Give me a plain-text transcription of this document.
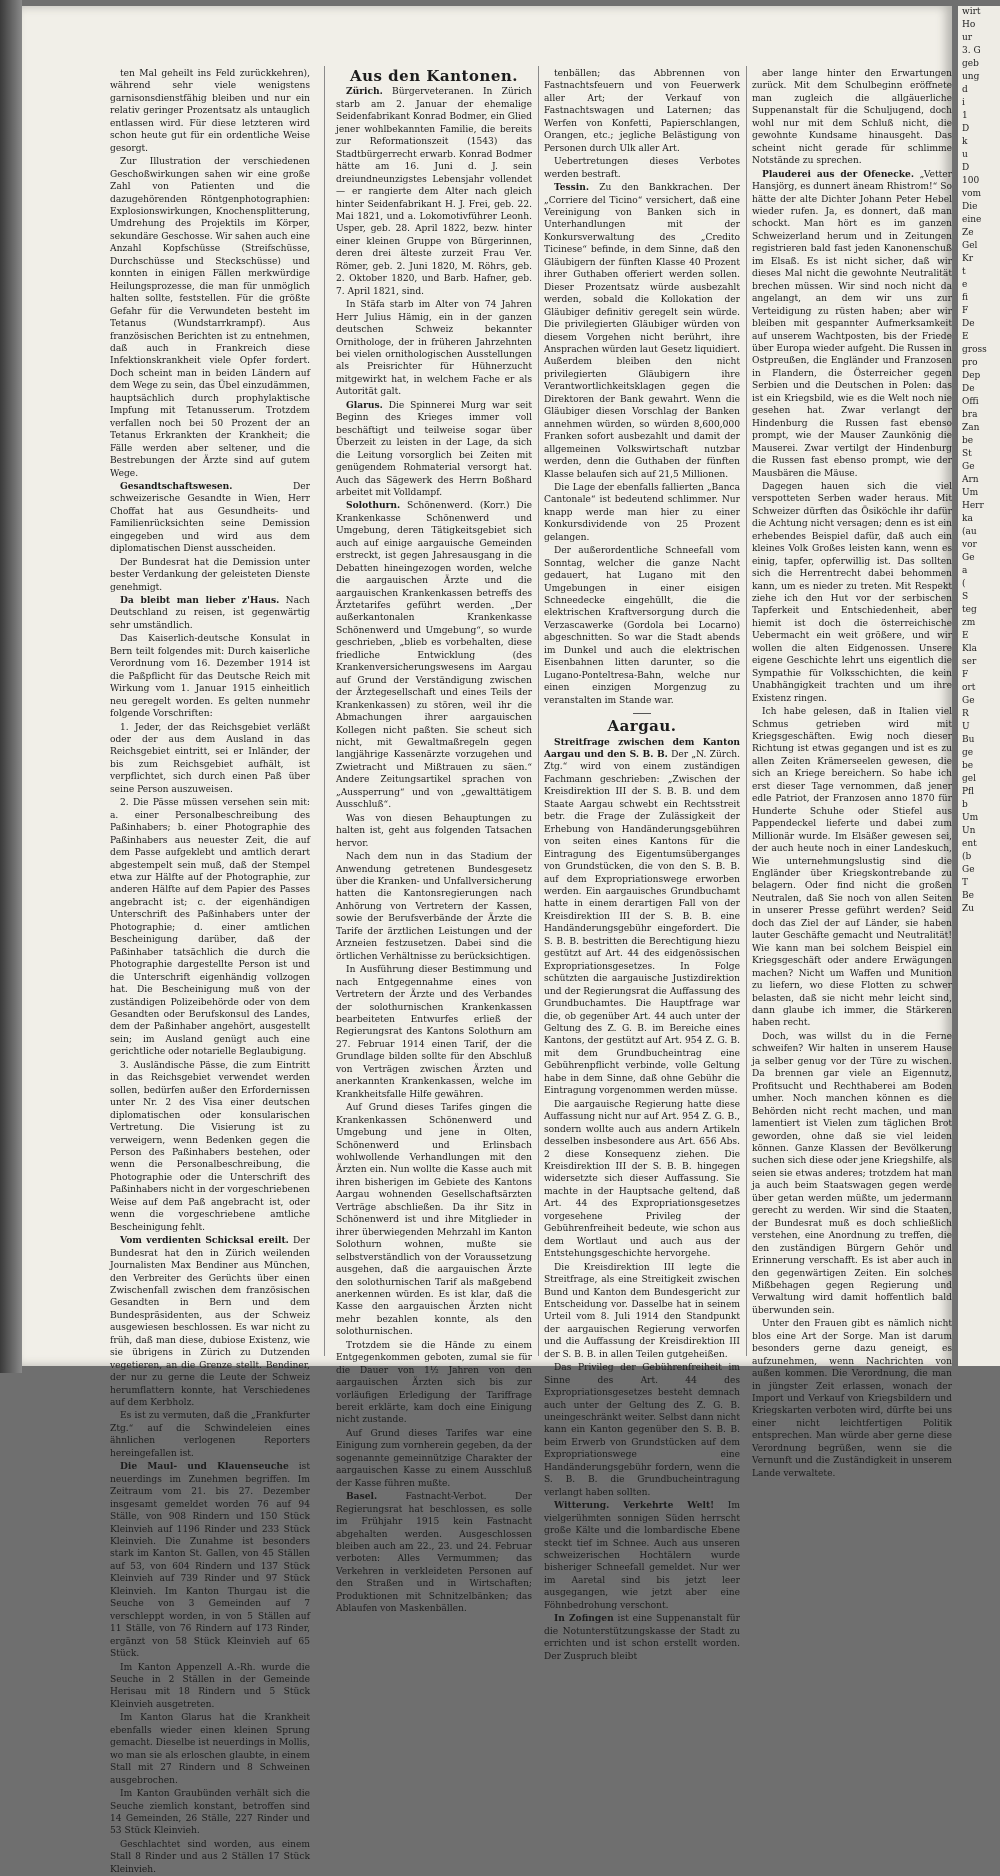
ten Mal geheilt ins Feld zurückkehren), während sehr viele wenigstens garnisonsdienstfähig bleiben und nur ein relativ geringer Prozentsatz als untauglich entlassen wird. Für diese letzteren wird schon heute gut für ein ordentliche Weise gesorgt.

Zur Illustration der verschiedenen Geschoßwirkungen sahen wir eine große Zahl von Patienten und die dazugehörenden Röntgenphotographien: Explosionswirkungen, Knochensplitterung, Umdrehung des Projektils im Körper, sekundäre Geschosse. Wir sahen auch eine Anzahl Kopfschüsse (Streifschüsse, Durchschüsse und Steckschüsse) und konnten in einigen Fällen merkwürdige Heilungsprozesse, die man für unmöglich halten sollte, feststellen. Für die größte Gefahr für die Verwundeten besteht im Tetanus (Wundstarrkrampf). Aus französischen Berichten ist zu entnehmen, daß auch in Frankreich diese Infektionskrankheit viele Opfer fordert. Doch scheint man in beiden Ländern auf dem Wege zu sein, das Übel einzudämmen, hauptsächlich durch prophylaktische Impfung mit Tetanusserum. Trotzdem verfallen noch bei 50 Prozent der an Tetanus Erkrankten der Krankheit; die Fälle werden aber seltener, und die Bestrebungen der Ärzte sind auf gutem Wege.

Gesandtschaftswesen. Der schweizerische Gesandte in Wien, Herr Choffat hat aus Gesundheits- und Familienrücksichten seine Demission eingegeben und wird aus dem diplomatischen Dienst ausscheiden.

Der Bundesrat hat die Demission unter bester Verdankung der geleisteten Dienste genehmigt.

Da bleibt man lieber z'Haus. Nach Deutschland zu reisen, ist gegenwärtig sehr umständlich.

Das Kaiserlich-deutsche Konsulat in Bern teilt folgendes mit: Durch kaiserliche Verordnung vom 16. Dezember 1914 ist die Paßpflicht für das Deutsche Reich mit Wirkung vom 1. Januar 1915 einheitlich neu geregelt worden. Es gelten nunmehr folgende Vorschriften:

1. Jeder, der das Reichsgebiet verläßt oder der aus dem Ausland in das Reichsgebiet eintritt, sei er Inländer, der bis zum Reichsgebiet aufhält, ist verpflichtet, sich durch einen Paß über seine Person auszuweisen.

2. Die Pässe müssen versehen sein mit: a. einer Personalbeschreibung des Paßinhabers; b. einer Photographie des Paßinhabers aus neuester Zeit, die auf dem Passe aufgeklebt und amtlich derart abgestempelt sein muß, daß der Stempel etwa zur Hälfte auf der Photographie, zur anderen Hälfte auf dem Papier des Passes angebracht ist; c. der eigenhändigen Unterschrift des Paßinhabers unter der Photographie; d. einer amtlichen Bescheinigung darüber, daß der Paßinhaber tatsächlich die durch die Photographie dargestellte Person ist und die Unterschrift eigenhändig vollzogen hat. Die Bescheinigung muß von der zuständigen Polizeibehörde oder von dem Gesandten oder Berufskonsul des Landes, dem der Paßinhaber angehört, ausgestellt sein; im Ausland genügt auch eine gerichtliche oder notarielle Beglaubigung.

3. Ausländische Pässe, die zum Eintritt in das Reichsgebiet verwendet werden sollen, bedürfen außer den Erfordernissen unter Nr. 2 des Visa einer deutschen diplomatischen oder konsularischen Vertretung. Die Visierung ist zu verweigern, wenn Bedenken gegen die Person des Paßinhabers bestehen, oder wenn die Personalbeschreibung, die Photographie oder die Unterschrift des Paßinhabers nicht in der vorgeschriebenen Weise auf dem Paß angebracht ist, oder wenn die vorgeschriebene amtliche Bescheinigung fehlt.

Vom verdienten Schicksal ereilt. Der Bundesrat hat den in Zürich weilenden Journalisten Max Bendiner aus München, den Verbreiter des Gerüchts über einen Zwischenfall zwischen dem französischen Gesandten in Bern und dem Bundespräsidenten, aus der Schweiz ausgewiesen beschlossen. Es war nicht zu früh, daß man diese, dubiose Existenz, wie sie übrigens in Zürich zu Dutzenden vegetieren, an die Grenze stellt. Bendiner, der nur zu gerne die Leute der Schweiz herumflattern konnte, hat Verschiedenes auf dem Kerbholz.

Es ist zu vermuten, daß die „Frankfurter Ztg.“ auf die Schwindeleien eines ähnlichen verlogenen Reporters hereingefallen ist.

Die Maul- und Klauenseuche ist neuerdings im Zunehmen begriffen. Im Zeitraum vom 21. bis 27. Dezember insgesamt gemeldet worden 76 auf 94 Ställe, von 908 Rindern und 150 Stück Kleinvieh auf 1196 Rinder und 233 Stück Kleinvieh. Die Zunahme ist besonders stark im Kanton St. Gallen, von 45 Ställen auf 53, von 604 Rindern und 137 Stück Kleinvieh auf 739 Rinder und 97 Stück Kleinvieh. Im Kanton Thurgau ist die Seuche von 3 Gemeinden auf 7 verschleppt worden, in von 5 Ställen auf 11 Ställe, von 76 Rindern auf 173 Rinder, ergänzt von 58 Stück Kleinvieh auf 65 Stück.

Im Kanton Appenzell A.-Rh. wurde die Seuche in 2 Ställen in der Gemeinde Herisau mit 18 Rindern und 5 Stück Kleinvieh ausgetreten.

Im Kanton Glarus hat die Krankheit ebenfalls wieder einen kleinen Sprung gemacht. Dieselbe ist neuerdings in Mollis, wo man sie als erloschen glaubte, in einem Stall mit 27 Rindern und 8 Schweinen ausgebrochen.

Im Kanton Graubünden verhält sich die Seuche ziemlich konstant, betroffen sind 14 Gemeinden, 26 Ställe, 227 Rinder und 53 Stück Kleinvieh.

Geschlachtet sind worden, aus einem Stall 8 Rinder und aus 2 Ställen 17 Stück Kleinvieh.

Aus den Kantonen.

Zürich. Bürgerveteranen. In Zürich starb am 2. Januar der ehemalige Seidenfabrikant Konrad Bodmer, ein Glied jener wohlbekannten Familie, die bereits zur Reformationszeit (1543) das Stadtbürgerrecht erwarb. Konrad Bodmer hätte am 16. Juni d. J. sein dreiundneunzigstes Lebensjahr vollendet — er rangierte dem Alter nach gleich hinter Seidenfabrikant H. J. Frei, geb. 22. Mai 1821, und a. Lokomotivführer Leonh. Usper, geb. 28. April 1822, bezw. hinter einer kleinen Gruppe von Bürgerinnen, deren drei älteste zurzeit Frau Ver. Römer, geb. 2. Juni 1820, M. Röhrs, geb. 2. Oktober 1820, und Barb. Hafner, geb. 7. April 1821, sind.

In Stäfa starb im Alter von 74 Jahren Herr Julius Hämig, ein in der ganzen deutschen Schweiz bekannter Ornithologe, der in früheren Jahrzehnten bei vielen ornithologischen Ausstellungen als Preisrichter für Hühnerzucht mitgewirkt hat, in welchem Fache er als Autorität galt.

Glarus. Die Spinnerei Murg war seit Beginn des Krieges immer voll beschäftigt und teilweise sogar über Überzeit zu leisten in der Lage, da sich die Leitung vorsorglich bei Zeiten mit genügendem Rohmaterial versorgt hat. Auch das Sägewerk des Herrn Boßhard arbeitet mit Volldampf.

Solothurn. Schönenwerd. (Korr.) Die Krankenkasse Schönenwerd und Umgebung, deren Tätigkeitsgebiet sich auch auf einige aargauische Gemeinden erstreckt, ist gegen Jahresausgang in die Debatten hineingezogen worden, welche die aargauischen Ärzte und die aargauischen Krankenkassen betreffs des Ärztetarifes geführt werden. „Der außerkantonalen Krankenkasse Schönenwerd und Umgebung“, so wurde geschrieben, „blieb es vorbehalten, diese friedliche Entwicklung (des Krankenversicherungswesens im Aargau auf Grund der Verständigung zwischen der Ärztegesellschaft und eines Teils der Krankenkassen) zu stören, weil ihr die Abmachungen ihrer aargauischen Kollegen nicht paßten. Sie scheut sich nicht, mit Gewaltmaßregeln gegen langjährige Kassenärzte vorzugehen und Zwietracht und Mißtrauen zu säen.“ Andere Zeitungsartikel sprachen von „Aussperrung“ und von „gewalttätigem Ausschluß“.

Was von diesen Behauptungen zu halten ist, geht aus folgenden Tatsachen hervor.

Nach dem nun in das Stadium der Anwendung getretenen Bundesgesetz über die Kranken- und Unfallversicherung hatten die Kantonsregierungen nach Anhörung von Vertretern der Kassen, sowie der Berufsverbände der Ärzte die Tarife der ärztlichen Leistungen und der Arzneien festzusetzen. Dabei sind die örtlichen Verhältnisse zu berücksichtigen.

In Ausführung dieser Bestimmung und nach Entgegennahme eines von Vertretern der Ärzte und des Verbandes der solothurnischen Krankenkassen bearbeiteten Entwurfes erließ der Regierungsrat des Kantons Solothurn am 27. Februar 1914 einen Tarif, der die Grundlage bilden sollte für den Abschluß von Verträgen zwischen Ärzten und anerkannten Krankenkassen, welche im Krankheitsfalle Hilfe gewähren.

Auf Grund dieses Tarifes gingen die Krankenkassen Schönenwerd und Umgebung und jene in Olten, Schönenwerd und Erlinsbach wohlwollende Verhandlungen mit den Ärzten ein. Nun wollte die Kasse auch mit ihren bisherigen im Gebiete des Kantons Aargau wohnenden Gesellschaftsärzten Verträge abschließen. Da ihr Sitz in Schönenwerd ist und ihre Mitglieder in ihrer überwiegenden Mehrzahl im Kanton Solothurn wohnen, mußte sie selbstverständlich von der Voraussetzung ausgehen, daß die aargauischen Ärzte den solothurnischen Tarif als maßgebend anerkennen würden. Es ist klar, daß die Kasse den aargauischen Ärzten nicht mehr bezahlen konnte, als den solothurnischen.

Trotzdem sie die Hände zu einem Entgegenkommen geboten, zumal sie für die Dauer von 1½ Jahren von den aargauischen Ärzten sich bis zur vorläufigen Erledigung der Tariffrage bereit erklärte, kam doch eine Einigung nicht zustande.

Auf Grund dieses Tarifes war eine Einigung zum vornherein gegeben, da der sogenannte gemeinnützige Charakter der aargauischen Kasse zu einem Ausschluß der Kasse führen mußte.

Basel. Fastnacht-Verbot. Der Regierungsrat hat beschlossen, es solle im Frühjahr 1915 kein Fastnacht abgehalten werden. Ausgeschlossen bleiben auch am 22., 23. und 24. Februar verboten: Alles Vermummen; das Verkehren in verkleideten Personen auf den Straßen und in Wirtschaften; Produktionen mit Schnitzelbänken; das Ablaufen von Maskenbällen.

tenbällen; das Abbrennen von Fastnachtsfeuern und von Feuerwerk aller Art; der Verkauf von Fastnachtswagen und Laternen; das Werfen von Konfetti, Papierschlangen, Orangen, etc.; jegliche Belästigung von Personen durch Ulk aller Art.

Uebertretungen dieses Verbotes werden bestraft.

Tessin. Zu den Bankkrachen. Der „Corriere del Ticino“ versichert, daß eine Vereinigung von Banken sich in Unterhandlungen mit der Konkursverwaltung des „Credito Ticinese“ befinde, in dem Sinne, daß den Gläubigern der fünften Klasse 40 Prozent ihrer Guthaben offeriert werden sollen. Dieser Prozentsatz würde ausbezahlt werden, sobald die Kollokation der Gläubiger definitiv geregelt sein würde. Die privilegierten Gläubiger würden von diesem Vorgehen nicht berührt, ihre Ansprachen würden laut Gesetz liquidiert. Außerdem bleiben den nicht privilegierten Gläubigern ihre Verantwortlichkeitsklagen gegen die Direktoren der Bank gewahrt. Wenn die Gläubiger diesen Vorschlag der Banken annehmen würden, so würden 8,600,000 Franken sofort ausbezahlt und damit der allgemeinen Volkswirtschaft nutzbar werden, denn die Guthaben der fünften Klasse belaufen sich auf 21,5 Millionen.

Die Lage der ebenfalls fallierten „Banca Cantonale“ ist bedeutend schlimmer. Nur knapp werde man hier zu einer Konkursdividende von 25 Prozent gelangen.

Der außerordentliche Schneefall vom Sonntag, welcher die ganze Nacht gedauert, hat Lugano mit den Umgebungen in einer eisigen Schneedecke eingehüllt, die die elektrischen Kraftversorgung durch die Verzascawerke (Gordola bei Locarno) abgeschnitten. So war die Stadt abends im Dunkel und auch die elektrischen Eisenbahnen litten darunter, so die Lugano-Ponteltresa-Bahn, welche nur einen einzigen Morgenzug zu veranstalten im Stande war.

Aargau.

Streitfrage zwischen dem Kanton Aargau und den S. B. B. Der „N. Zürch. Ztg.“ wird von einem zuständigen Fachmann geschrieben: „Zwischen der Kreisdirektion III der S. B. B. und dem Staate Aargau schwebt ein Rechtsstreit betr. die Frage der Zulässigkeit der Erhebung von Handänderungsgebühren von seiten eines Kantons für die Eintragung des Eigentumsüberganges von Grundstücken, die von den S. B. B. auf dem Expropriationswege erworben werden. Ein aargauisches Grundbuchamt hatte in einem derartigen Fall von der Kreisdirektion III der S. B. B. eine Handänderungsgebühr eingefordert. Die S. B. B. bestritten die Berechtigung hiezu gestützt auf Art. 44 des eidgenössischen Expropriationsgesetzes. In Folge schützten die aargauische Justizdirektion und der Regierungsrat die Auffassung des Grundbuchamtes. Die Hauptfrage war die, ob gegenüber Art. 44 auch unter der Geltung des Z. G. B. im Bereiche eines Kantons, der gestützt auf Art. 954 Z. G. B. mit dem Grundbucheintrag eine Gebührenpflicht verbinde, volle Geltung habe in dem Sinne, daß ohne Gebühr die Eintragung vorgenommen werden müsse.

Die aargauische Regierung hatte diese Auffassung nicht nur auf Art. 954 Z. G. B., sondern wollte auch aus andern Artikeln desselben insbesondere aus Art. 656 Abs. 2 diese Konsequenz ziehen. Die Kreisdirektion III der S. B. B. hingegen widersetzte sich dieser Auffassung. Sie machte in der Hauptsache geltend, daß Art. 44 des Expropriationsgesetzes vorgesehene Privileg der Gebührenfreiheit bedeute, wie schon aus dem Wortlaut und auch aus der Entstehungsgeschichte hervorgehe.

Die Kreisdirektion III legte die Streitfrage, als eine Streitigkeit zwischen Bund und Kanton dem Bundesgericht zur Entscheidung vor. Dasselbe hat in seinem Urteil vom 8. Juli 1914 den Standpunkt der aargauischen Regierung verworfen und die Auffassung der Kreisdirektion III der S. B. B. in allen Teilen gutgeheißen.

Das Privileg der Gebührenfreiheit im Sinne des Art. 44 des Expropriationsgesetzes besteht demnach auch unter der Geltung des Z. G. B. uneingeschränkt weiter. Selbst dann nicht kann ein Kanton gegenüber den S. B. B. beim Erwerb von Grundstücken auf dem Expropriationswege eine Handänderungsgebühr fordern, wenn die S. B. B. die Grundbucheintragung verlangt haben sollten.

Witterung. Verkehrte Welt! Im vielgerühmten sonnigen Süden herrscht große Kälte und die lombardische Ebene steckt tief im Schnee. Auch aus unseren schweizerischen Hochtälern wurde bisheriger Schneefall gemeldet. Nur wer im Aaretal sind bis jetzt leer ausgegangen, wie jetzt aber eine Föhnbedrohung verschont.

In Zofingen ist eine Suppenanstalt für die Notunterstützungskasse der Stadt zu errichten und ist schon erstellt worden. Der Zuspruch bleibt

aber lange hinter den Erwartungen zurück. Mit dem Schulbeginn eröffnete man zugleich die allgäuerliche Suppenanstalt für die Schuljugend, doch wohl nur mit dem Schluß nicht, die gewohnte Kundsame hinausgeht. Das scheint nicht gerade für schlimme Notstände zu sprechen.

Plauderei aus der Ofenecke. „Vetter Hansjörg, es dunnert äneam Rhistrom!“ So hätte der alte Dichter Johann Peter Hebel wieder rufen. Ja, es donnert, daß man schockt. Man hört es im ganzen Schweizerland herum und in Zeitungen registrieren bald fast jeden Kanonenschuß im Elsaß. Es ist nicht sicher, daß wir dieses Mal nicht die gewohnte Neutralität brechen müssen. Wir sind noch nicht da angelangt, an dem wir uns zur Verteidigung zu rüsten haben; aber wir bleiben mit gespannter Aufmerksamkeit auf unserem Wachtposten, bis der Friede über Europa wieder aufgeht. Die Russen in Ostpreußen, die Engländer und Franzosen in Flandern, die Österreicher gegen Serbien und die Deutschen in Polen: das ist ein Kriegsbild, wie es die Welt noch nie gesehen hat. Zwar verlangt der Hindenburg die Russen fast ebenso prompt, wie der Mauser Zaunkönig die Mauserei. Zwar vertilgt der Hindenburg die Russen fast ebenso prompt, wie der Mausbären die Mäuse.

Dagegen hauen sich die viel verspotteten Serben wader heraus. Mit Schweizer dürften das Ösiköchle ihr dafür die Achtung nicht versagen; denn es ist ein erhebendes Beispiel dafür, daß auch ein kleines Volk Großes leisten kann, wenn es einig, tapfer, opferwillig ist. Das sollten sich die Herrentrecht dabei behommen kann, um es nieder zu treten. Mit Respekt ziehe ich den Hut vor der serbischen Tapferkeit und Entschiedenheit, aber hiemit ist doch die österreichische Uebermacht ein weit größere, und wir wollen die alten Eidgenossen. Unsere eigene Geschichte lehrt uns eigentlich die Sympathie für Volksschichten, die kein Unabhängigkeit trachten und um ihre Existenz ringen.

Ich habe gelesen, daß in Italien viel Schmus getrieben wird mit Kriegsgeschäften. Ewig noch dieser Richtung ist etwas gegangen und ist es zu allen Zeiten Krämerseelen gewesen, die sich an Kriege bereichern. So habe ich erst dieser Tage vernommen, daß jener edle Patriot, der Franzosen anno 1870 für Hunderte Schuhe oder Stiefel aus Pappendeckel lieferte und dabei zum Millionär wurde. Im Elsäßer gewesen sei, der auch heute noch in einer Landeskuch, Wie unternehmungslustig sind die Engländer über Kriegskontrebande zu belagern. Oder find nicht die großen Neutralen, daß Sie noch von allen Seiten in unserer Presse geführt werden? Seid doch das Ziel der auf Länder, sie haben lauter Geschäfte gemacht und Neutralität! Wie kann man bei solchem Beispiel ein Kriegsgeschäft oder andere Erwägungen machen? Nicht um Waffen und Munition zu liefern, wo diese Flotten zu schwer belasten, daß sie nicht mehr leicht sind, dann glaube ich immer, die Stärkeren haben recht.

Doch, was willst du in die Ferne schweifen? Wir halten in unserem Hause ja selber genug vor der Türe zu wischen. Da brennen gar viele an Eigennutz, Profitsucht und Rechthaberei am Boden umher. Noch manchen können es die Behörden nicht recht machen, und man lamentiert ist Vielen zum täglichen Brot geworden, ohne daß sie viel leiden können. Ganze Klassen der Bevölkerung suchen sich diese oder jene Kriegshilfe, als seien sie etwas anderes; trotzdem hat man ja auch beim Staatswagen gegen werde über getan werden müßte, um jedermann gerecht zu werden. Wir sind die Staaten, der Bundesrat muß es doch schließlich verstehen, eine Anordnung zu treffen, die den zuständigen Bürgern Gehör und Erinnerung verschafft. Es ist aber auch in den gegenwärtigen Zeiten. Ein solches Mißbehagen gegen Regierung und Verwaltung wird damit hoffentlich bald überwunden sein.

Unter den Frauen gibt es nämlich nicht blos eine Art der Sorge. Man ist darum besonders gerne dazu geneigt, es aufzunehmen, wenn Nachrichten von außen kommen. Die Verordnung, die man in jüngster Zeit erlassen, wonach der Import und Verkauf von Kriegsbildern und Kriegskarten verboten wird, dürfte bei uns einer nicht leichtfertigen Politik entsprechen. Man würde aber gerne diese Verordnung begrüßen, wenn sie die Vernunft und die Zuständigkeit in unserem Lande verwaltete.

wirt
Ho
ur
3. G
geb
ung
d
i
1
D
k
u
D
100
vom
Die
eine
Ze
Gel
Kr
t
e
fi
F
De
E
gross
pro
Dep
De
Offi
bra
Zan
be
St
Ge
Arn
Um
Herr
ka
(au
vor
Ge
a
(
S
teg
zm
E
Kla
ser
F
ort
Ge
R
U
Bu
ge
be
gel
Pfl
b
Um
Un
ent
(b
Ge
T
Be
Zu
